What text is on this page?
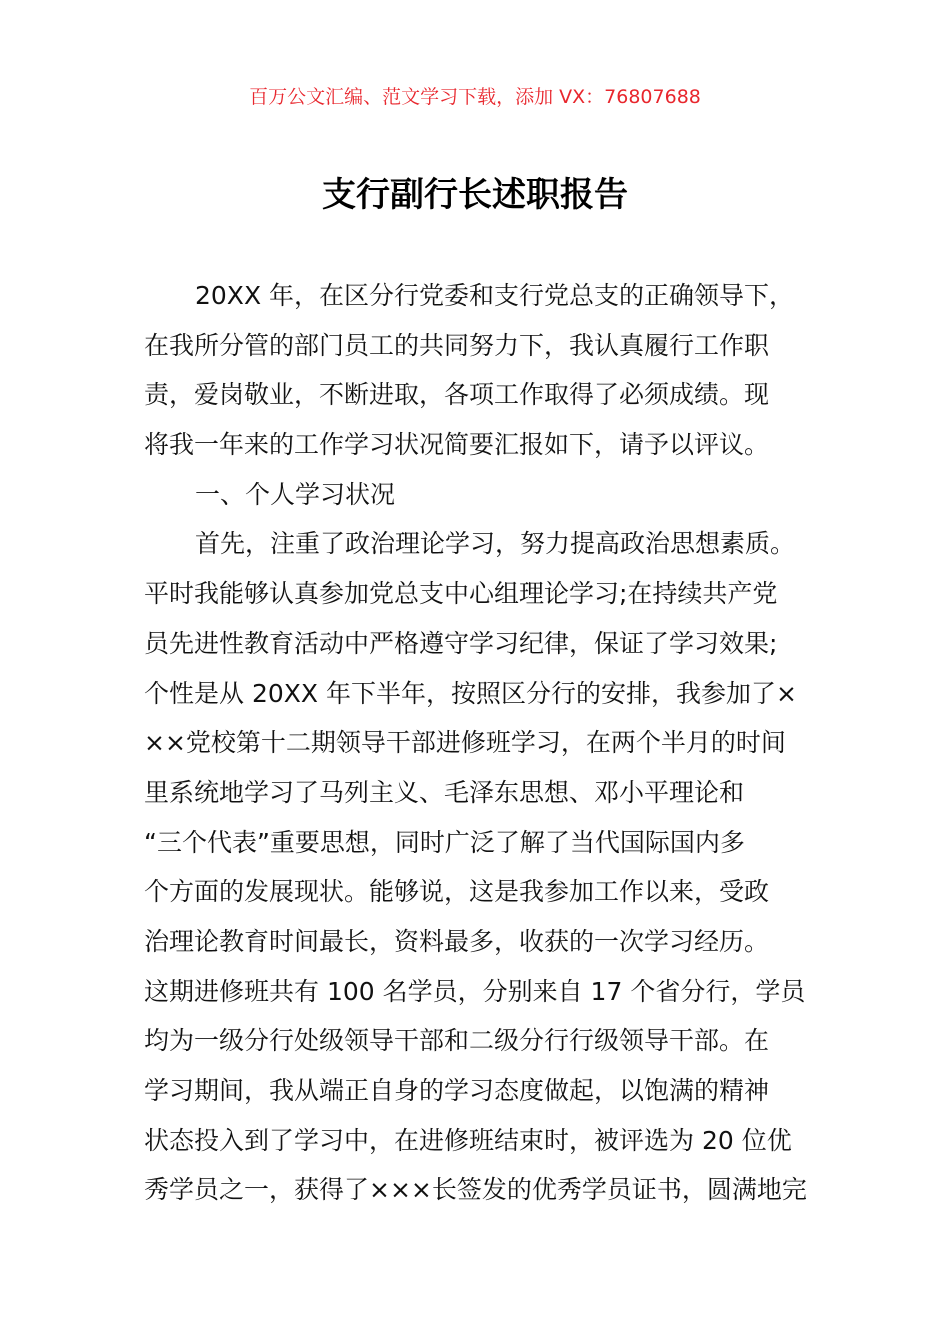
百万公文汇编、范文学习下载，添加 VX：76807688
支行副行长述职报告
20XX 年，在区分行党委和支行党总支的正确领导下，
在我所分管的部门员工的共同努力下，我认真履行工作职
责，爱岗敬业，不断进取，各项工作取得了必须成绩。现
将我一年来的工作学习状况简要汇报如下，请予以评议。
一、个人学习状况
首先，注重了政治理论学习，努力提高政治思想素质。
平时我能够认真参加党总支中心组理论学习;在持续共产党
员先进性教育活动中严格遵守学习纪律，保证了学习效果;
个性是从 20XX 年下半年，按照区分行的安排，我参加了×
××党校第十二期领导干部进修班学习，在两个半月的时间
里系统地学习了马列主义、毛泽东思想、邓小平理论和
“三个代表”重要思想，同时广泛了解了当代国际国内多
个方面的发展现状。能够说，这是我参加工作以来，受政
治理论教育时间最长，资料最多，收获的一次学习经历。
这期进修班共有 100 名学员，分别来自 17 个省分行，学员
均为一级分行处级领导干部和二级分行行级领导干部。在
学习期间，我从端正自身的学习态度做起，以饱满的精神
状态投入到了学习中，在进修班结束时，被评选为 20 位优
秀学员之一，获得了×××长签发的优秀学员证书，圆满地完
